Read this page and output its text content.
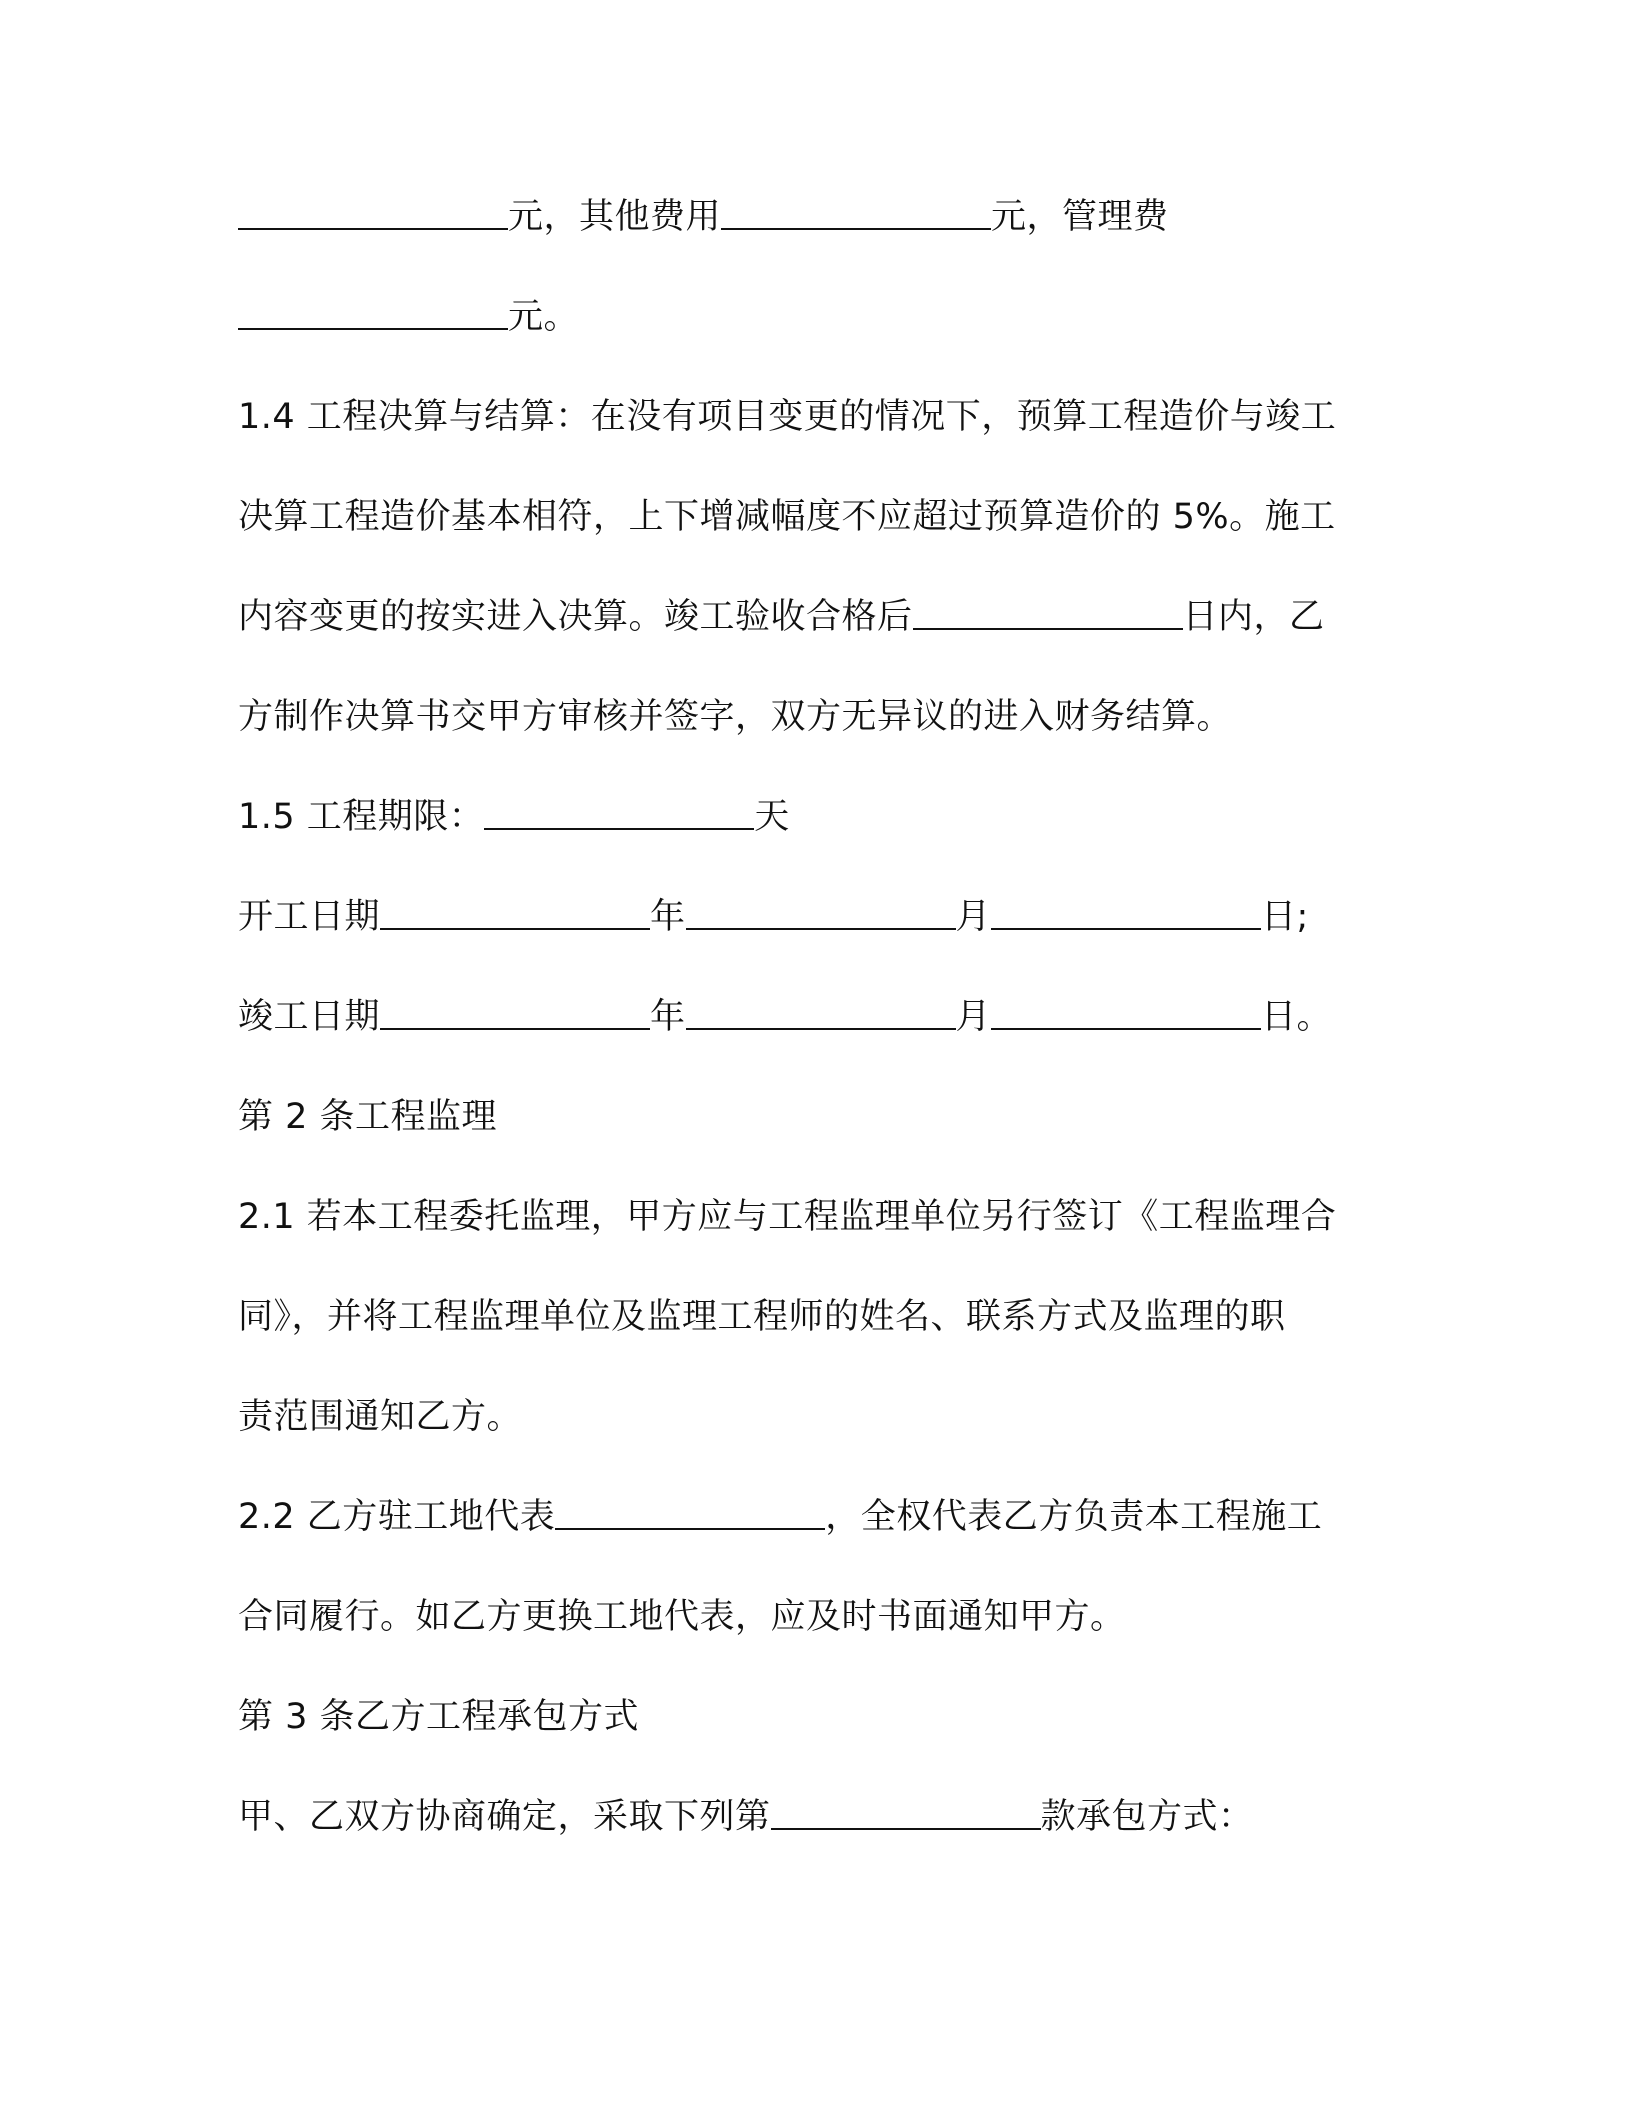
元，其他费用	元，管理费
元。
1.4 工程决算与结算：在没有项目变更的情况下，预算工程造价与竣工
决算工程造价基本相符，上下增减幅度不应超过预算造价的 5%。施工
内容变更的按实进入决算。竣工验收合格后	日内，乙
方制作决算书交甲方审核并签字，双方无异议的进入财务结算。
1.5 工程期限：	天
开工日期	年	月	日;
竣工日期	年	月	日。
第 2 条工程监理
2.1 若本工程委托监理，甲方应与工程监理单位另行签订《工程监理合
同》，并将工程监理单位及监理工程师的姓名、联系方式及监理的职
责范围通知乙方。
2.2 乙方驻工地代表	，全权代表乙方负责本工程施工
合同履行。如乙方更换工地代表，应及时书面通知甲方。
第 3 条乙方工程承包方式
甲、乙双方协商确定，采取下列第	款承包方式：
